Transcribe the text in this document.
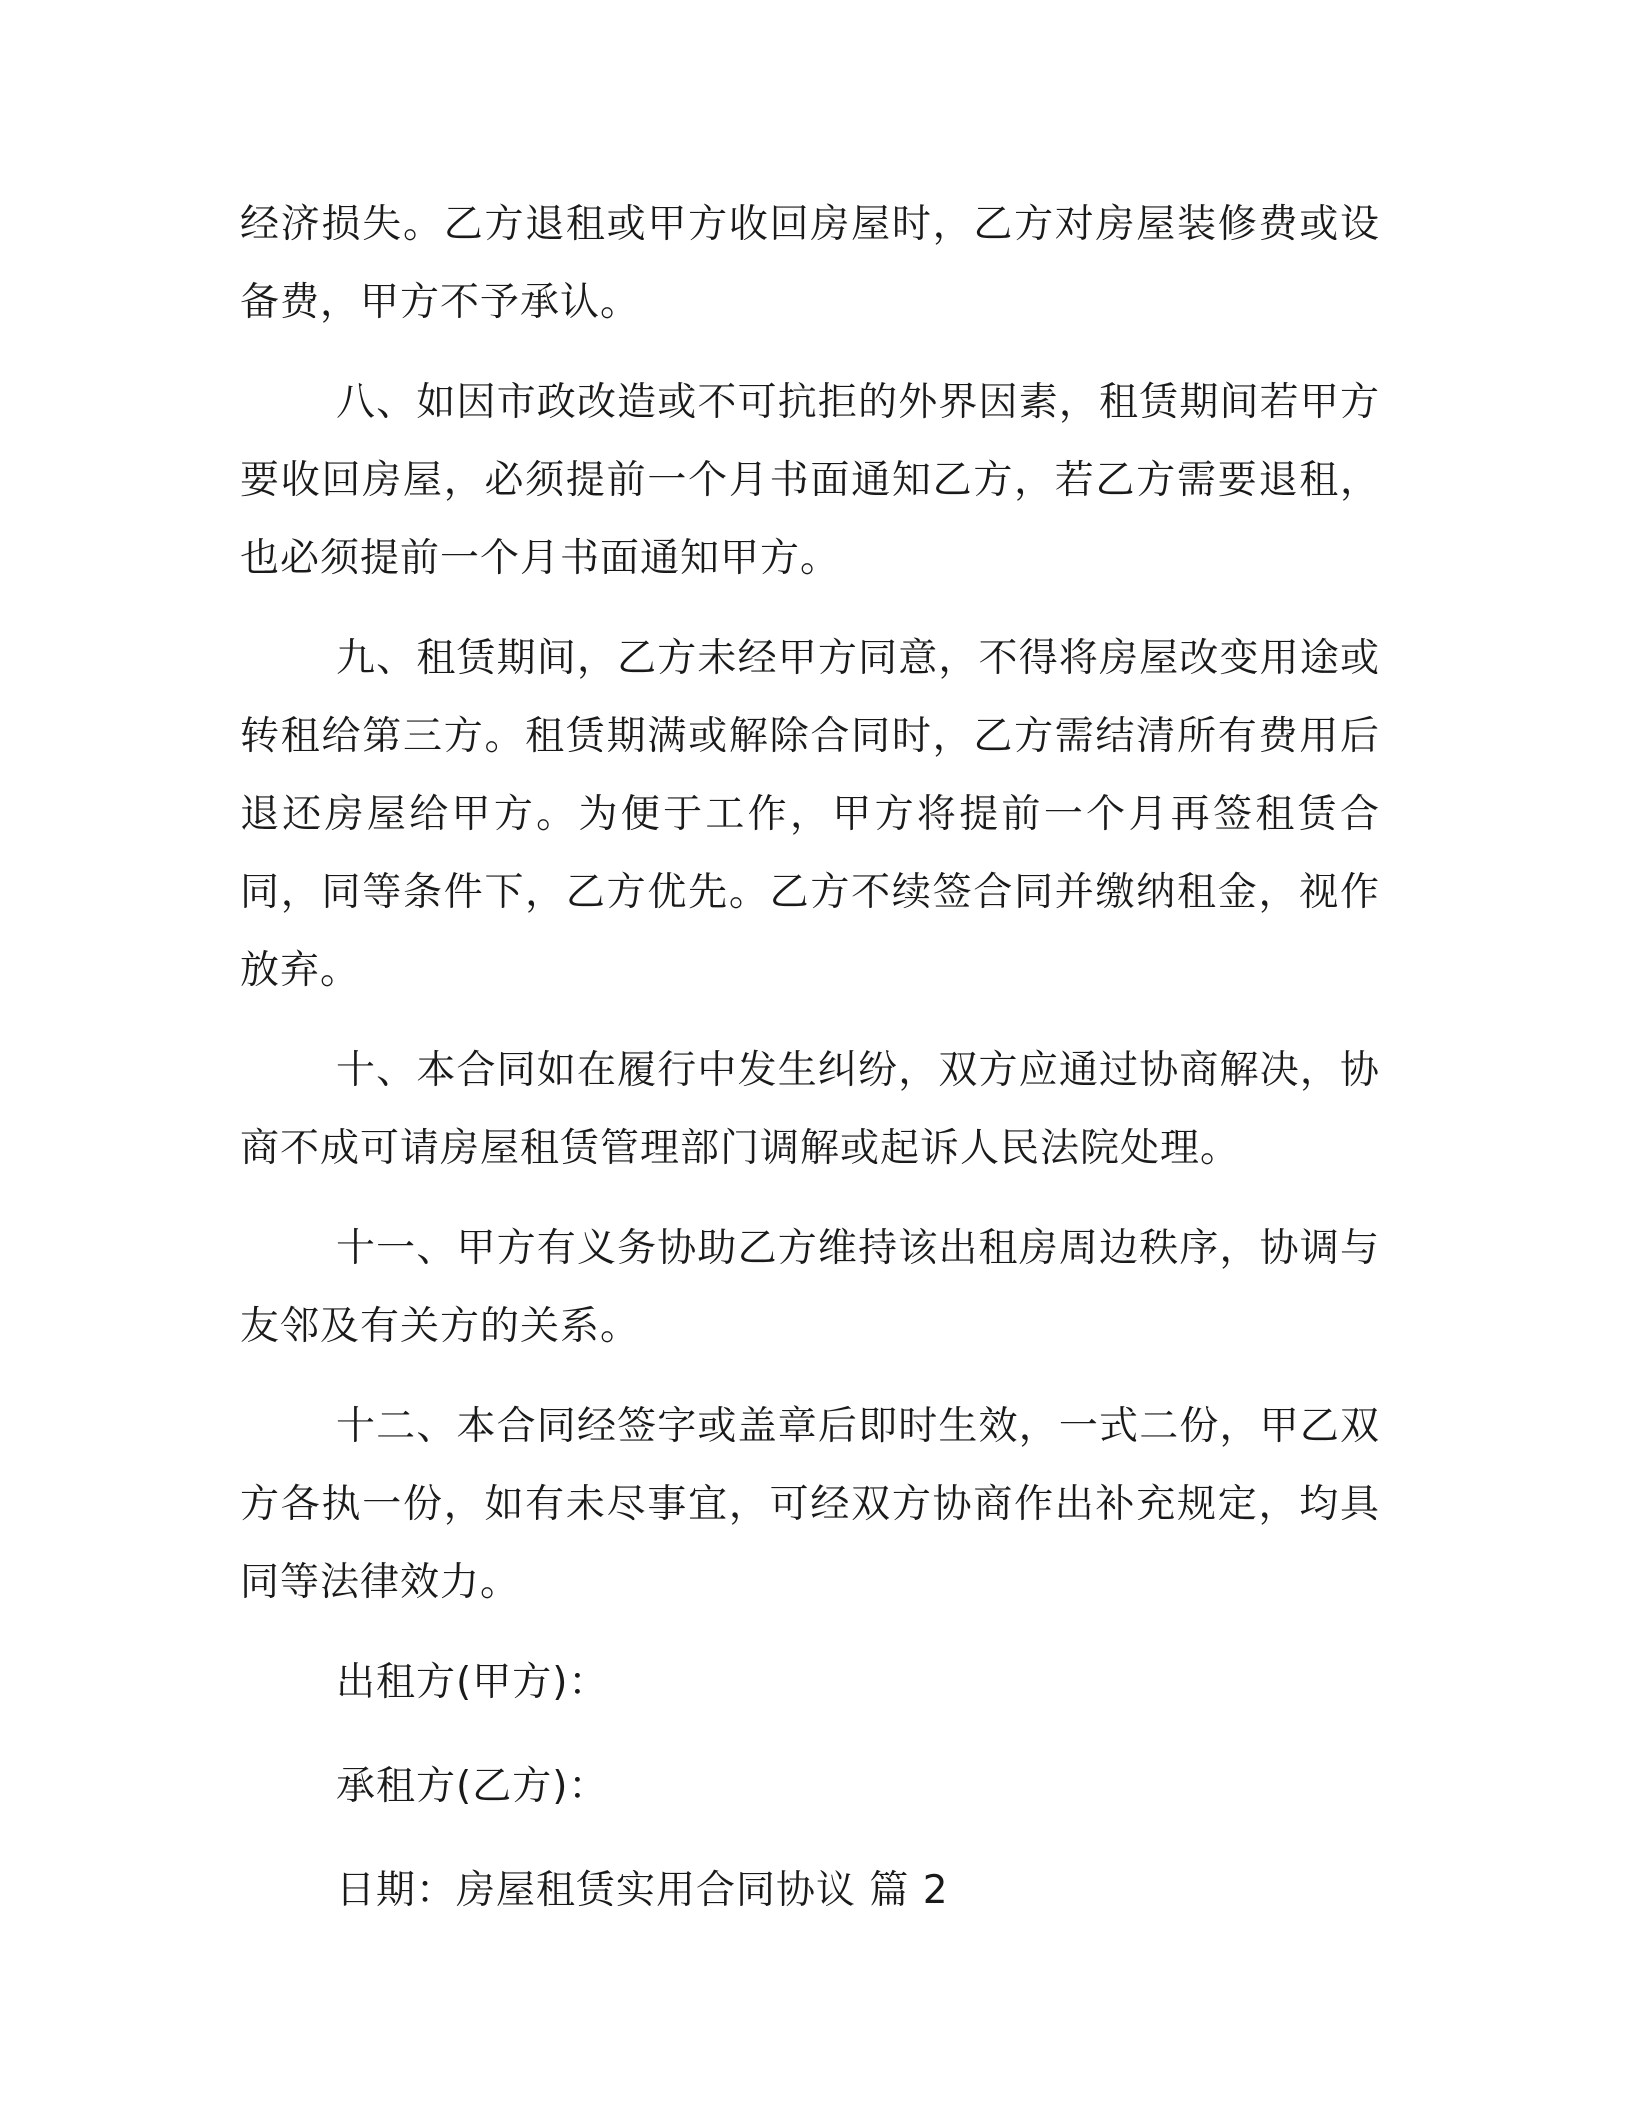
经济损失。乙方退租或甲方收回房屋时，乙方对房屋装修费或设备费，甲方不予承认。

八、如因市政改造或不可抗拒的外界因素，租赁期间若甲方要收回房屋，必须提前一个月书面通知乙方，若乙方需要退租，也必须提前一个月书面通知甲方。

九、租赁期间，乙方未经甲方同意，不得将房屋改变用途或转租给第三方。租赁期满或解除合同时，乙方需结清所有费用后退还房屋给甲方。为便于工作，甲方将提前一个月再签租赁合同，同等条件下，乙方优先。乙方不续签合同并缴纳租金，视作放弃。

十、本合同如在履行中发生纠纷，双方应通过协商解决，协商不成可请房屋租赁管理部门调解或起诉人民法院处理。

十一、甲方有义务协助乙方维持该出租房周边秩序，协调与友邻及有关方的关系。

十二、本合同经签字或盖章后即时生效，一式二份，甲乙双方各执一份，如有未尽事宜，可经双方协商作出补充规定，均具同等法律效力。

出租方(甲方)：

承租方(乙方)：

日期：房屋租赁实用合同协议 篇 2
